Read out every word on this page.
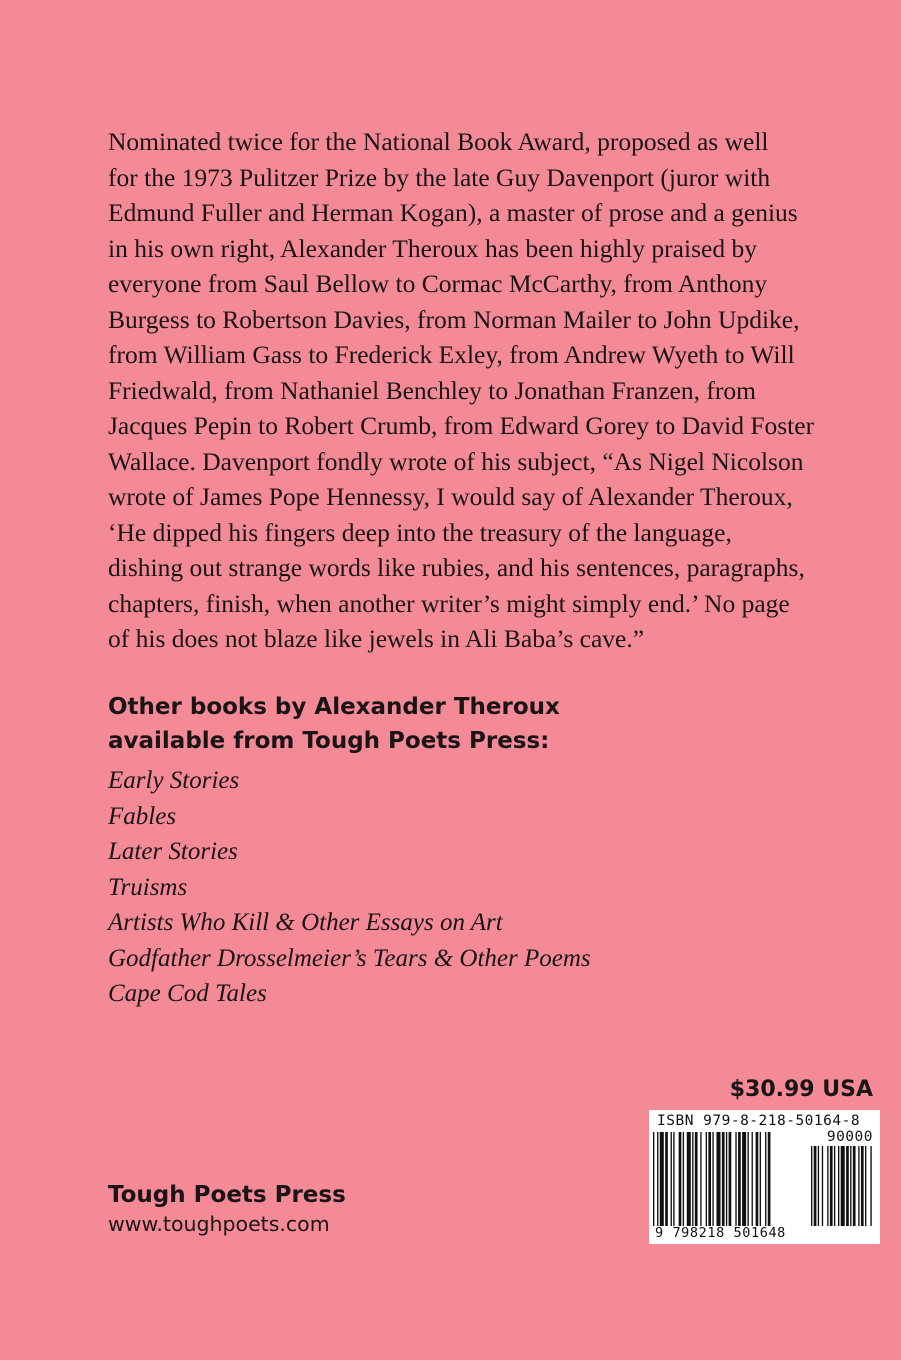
Nominated twice for the National Book Award, proposed as well
for the 1973 Pulitzer Prize by the late Guy Davenport (juror with
Edmund Fuller and Herman Kogan), a master of prose and a genius
in his own right, Alexander Theroux has been highly praised by
everyone from Saul Bellow to Cormac McCarthy, from Anthony
Burgess to Robertson Davies, from Norman Mailer to John Updike,
from William Gass to Frederick Exley, from Andrew Wyeth to Will
Friedwald, from Nathaniel Benchley to Jonathan Franzen, from
Jacques Pepin to Robert Crumb, from Edward Gorey to David Foster
Wallace. Davenport fondly wrote of his subject, “As Nigel Nicolson
wrote of James Pope Hennessy, I would say of Alexander Theroux,
‘He dipped his fingers deep into the treasury of the language,
dishing out strange words like rubies, and his sentences, paragraphs,
chapters, finish, when another writer’s might simply end.’ No page
of his does not blaze like jewels in Ali Baba’s cave.”
Other books by Alexander Theroux
available from Tough Poets Press:
Early Stories
Fables
Later Stories
Truisms
Artists Who Kill & Other Essays on Art
Godfather Drosselmeier’s Tears & Other Poems
Cape Cod Tales
$30.99 USA
ISBN 979-8-218-50164-8
90000
9 798218 501648
Tough Poets Press
www.toughpoets.com
